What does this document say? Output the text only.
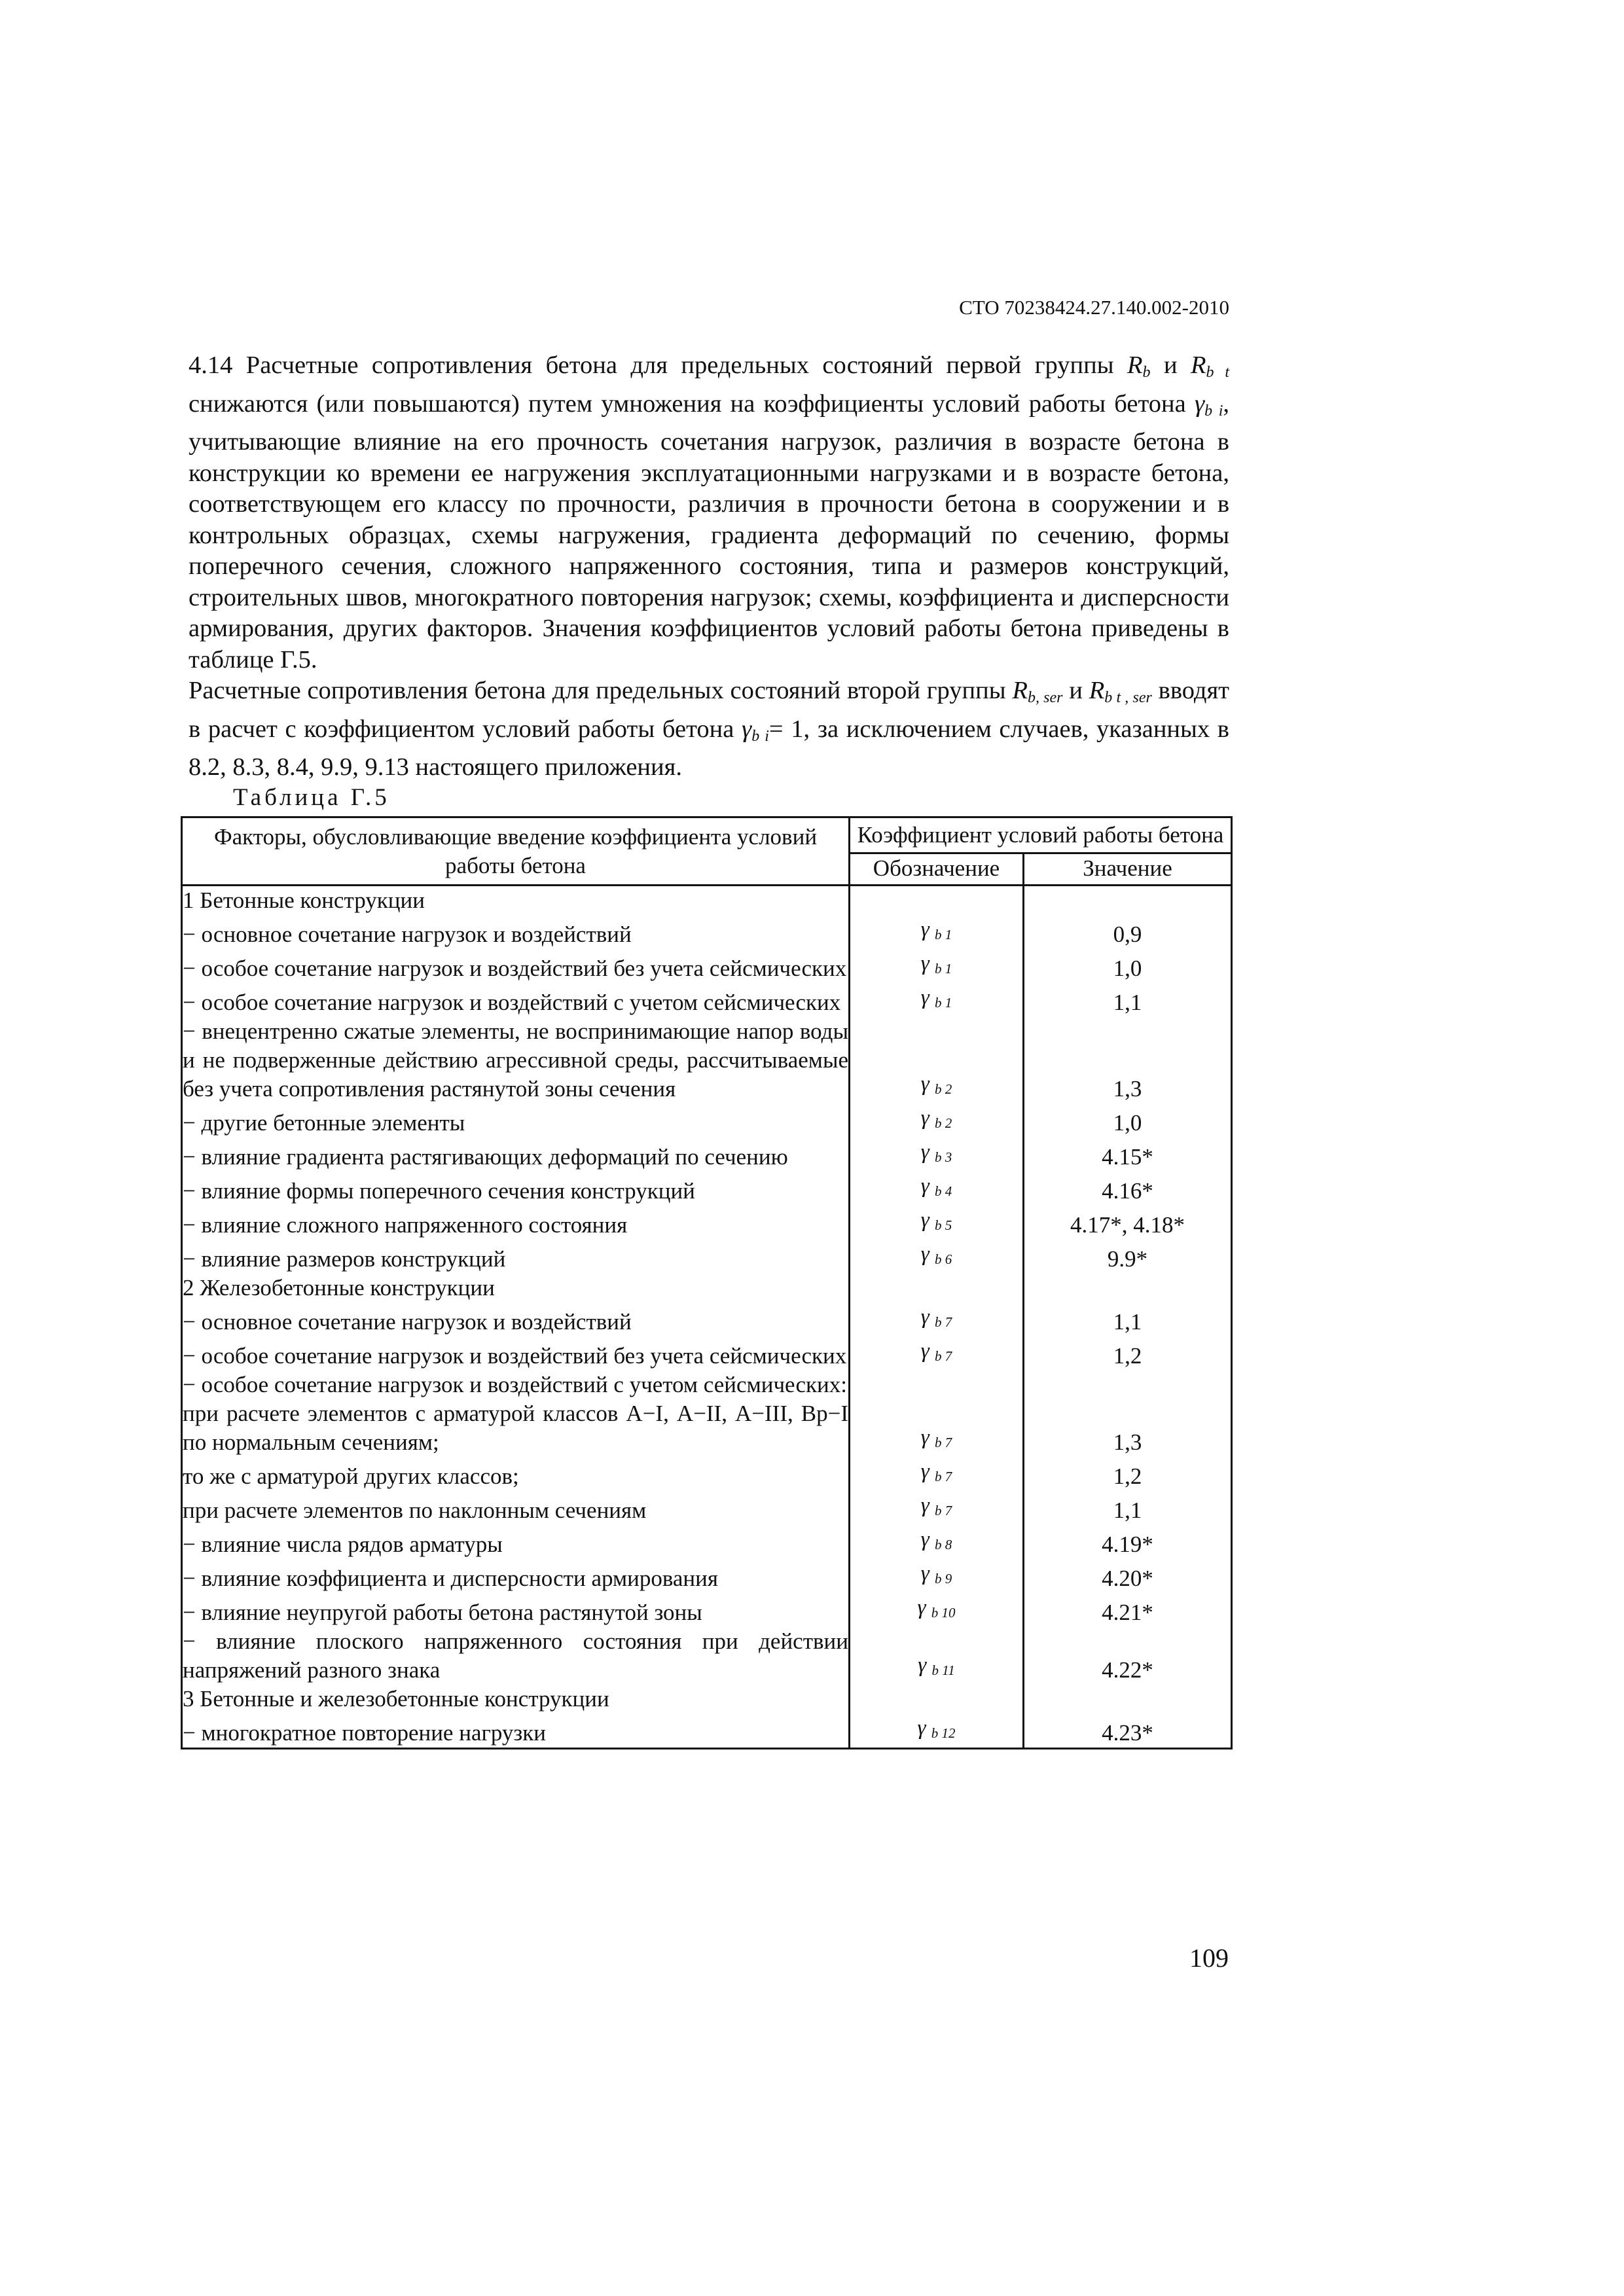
СТО 70238424.27.140.002-2010

4.14 Расчетные сопротивления бетона для предельных состояний первой группы $R_b$ и $R_{b t}$ снижаются (или повышаются) путем умножения на коэффициенты условий работы бетона $\gamma_{b i}$, учитывающие влияние на его прочность сочетания нагрузок, различия в возрасте бетона в конструкции ко времени ее нагружения эксплуатационными нагрузками и в возрасте бетона, соответствующем его классу по прочности, различия в прочности бетона в сооружении и в контрольных образцах, схемы нагружения, градиента деформаций по сечению, формы поперечного сечения, сложного напряженного состояния, типа и размеров конструкций, строительных швов, многократного повторения нагрузок; схемы, коэффициента и дисперсности армирования, других факторов. Значения коэффициентов условий работы бетона приведены в таблице Г.5.

Расчетные сопротивления бетона для предельных состояний второй группы $R_{b, ser}$ и $R_{b t , ser}$ вводят в расчет с коэффициентом условий работы бетона $\gamma_{b i}= 1$, за исключением случаев, указанных в 8.2, 8.3, 8.4, 9.9, 9.13 настоящего приложения.

Таблица Г.5
Факторы, обусловливающие введение коэффициента условий работы бетона	Коэффициент условий работы бетона	
	Обозначение	Значение
1 Бетонные конструкции		
− основное сочетание нагрузок и воздействий	γ b 1	0,9
− особое сочетание нагрузок и воздействий без учета сейсмических	γ b 1	1,0
− особое сочетание нагрузок и воздействий с учетом сейсмических	γ b 1	1,1
− внецентренно сжатые элементы, не воспринимающие напор воды и не подверженные действию агрессивной среды, рассчитываемые без учета сопротивления растянутой зоны сечения	γ b 2	1,3
− другие бетонные элементы	γ b 2	1,0
− влияние градиента растягивающих деформаций по сечению	γ b 3	4.15*
− влияние формы поперечного сечения конструкций	γ b 4	4.16*
− влияние сложного напряженного состояния	γ b 5	4.17*, 4.18*
− влияние размеров конструкций	γ b 6	9.9*
2 Железобетонные конструкции		
− основное сочетание нагрузок и воздействий	γ b 7	1,1
− особое сочетание нагрузок и воздействий без учета сейсмических	γ b 7	1,2
− особое сочетание нагрузок и воздействий с учетом сейсмических:		
при расчете элементов с арматурой классов А−I, А−II, А−III, Вр−I по нормальным сечениям;	γ b 7	1,3
то же с арматурой других классов;	γ b 7	1,2
при расчете элементов по наклонным сечениям	γ b 7	1,1
− влияние числа рядов арматуры	γ b 8	4.19*
− влияние коэффициента и дисперсности армирования	γ b 9	4.20*
− влияние неупругой работы бетона растянутой зоны	γ b 10	4.21*
− влияние плоского напряженного состояния при действии напряжений разного знака	γ b 11	4.22*
3 Бетонные и железобетонные конструкции		
− многократное повторение нагрузки	γ b 12	4.23*
109
